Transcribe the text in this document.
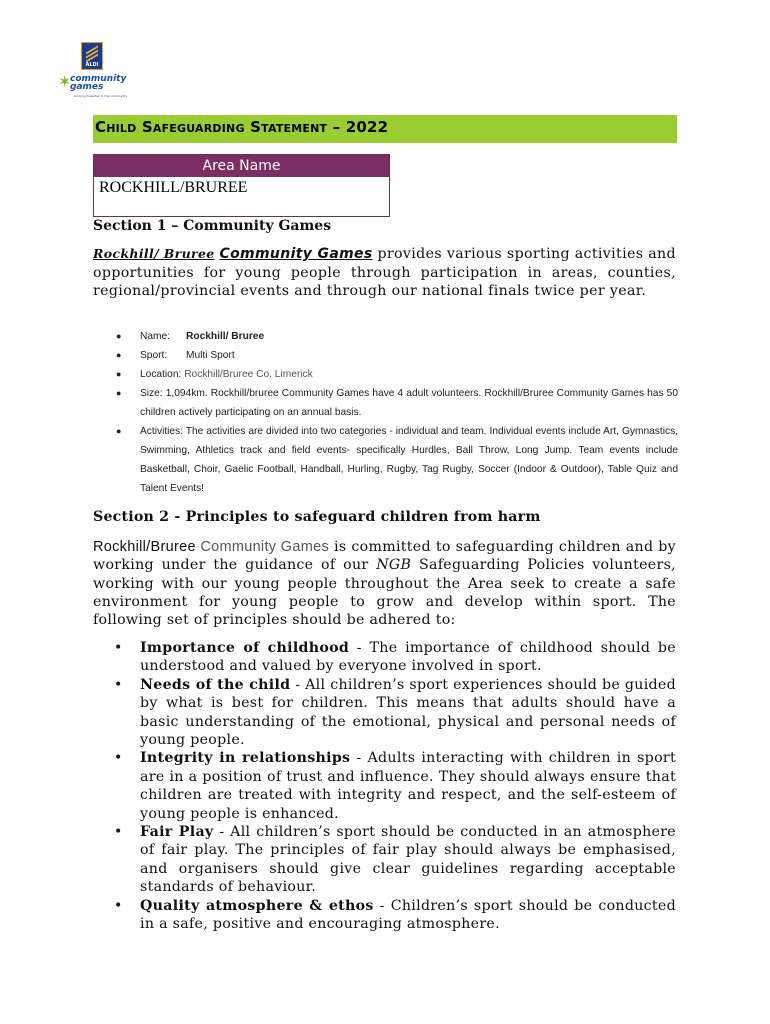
ALDI
✶
community
games
working together in the community
Child Safeguarding Statement – 2022
Area Name
ROCKHILL/BRUREE
Section 1 – Community Games
Rockhill/ Bruree Community Games provides various sporting activities and opportunities for young people through participation in areas, counties, regional/provincial events and through our national finals twice per year.
● Name: Rockhill/ Bruree
● Sport: Multi Sport
● Location: Rockhill/Bruree Co. Limerick
● Size: 1,094km. Rockhill/bruree Community Games have 4 adult volunteers. Rockhill/Bruree Community Games has 50 children actively participating on an annual basis.
● Activities: The activities are divided into two categories - individual and team. Individual events include Art, Gymnastics, Swimming, Athletics track and field events- specifically Hurdles, Ball Throw, Long Jump. Team events include Basketball, Choir, Gaelic Football, Handball, Hurling, Rugby, Tag Rugby, Soccer (Indoor & Outdoor), Table Quiz and Talent Events!
Section 2 - Principles to safeguard children from harm
Rockhill/Bruree Community Games is committed to safeguarding children and by working under the guidance of our NGB Safeguarding Policies volunteers, working with our young people throughout the Area seek to create a safe environment for young people to grow and develop within sport. The following set of principles should be adhered to:
• Importance of childhood - The importance of childhood should be understood and valued by everyone involved in sport.
• Needs of the child - All children’s sport experiences should be guided by what is best for children. This means that adults should have a basic understanding of the emotional, physical and personal needs of young people.
• Integrity in relationships - Adults interacting with children in sport are in a position of trust and influence. They should always ensure that children are treated with integrity and respect, and the self-esteem of young people is enhanced.
• Fair Play - All children’s sport should be conducted in an atmosphere of fair play. The principles of fair play should always be emphasised, and organisers should give clear guidelines regarding acceptable standards of behaviour.
• Quality atmosphere & ethos - Children’s sport should be conducted in a safe, positive and encouraging atmosphere.
